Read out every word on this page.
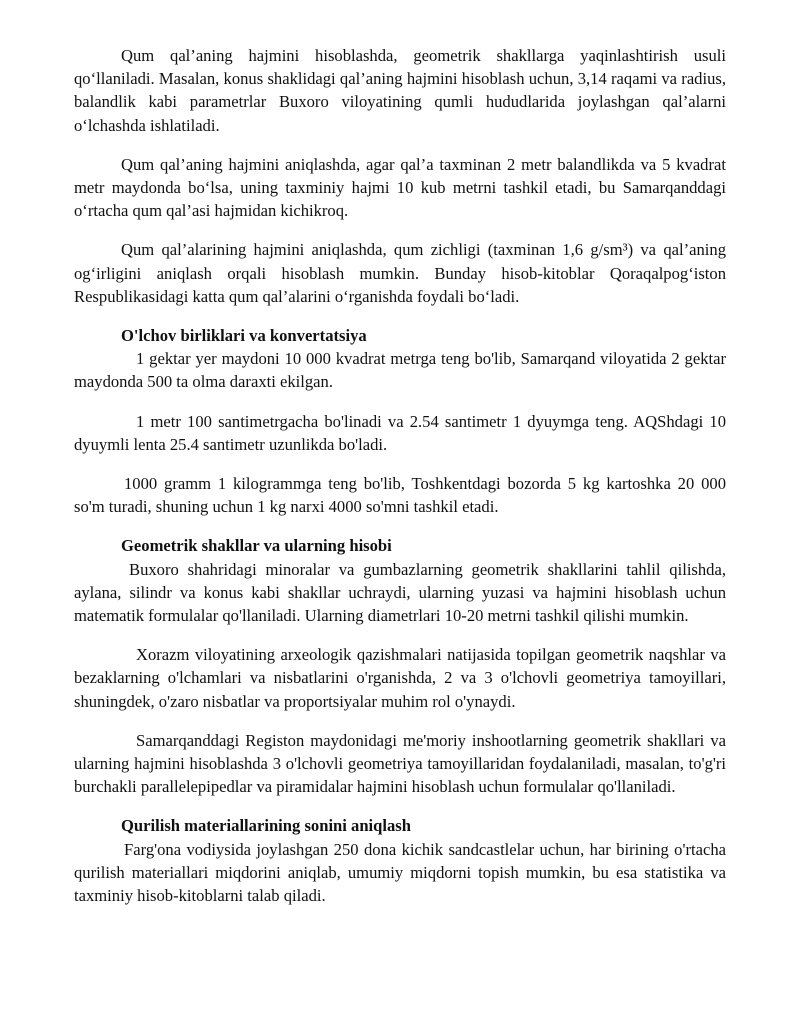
Qum qal’aning hajmini hisoblashda, geometrik shakllarga yaqinlashtirish usuli qo‘llaniladi. Masalan, konus shaklidagi qal’aning hajmini hisoblash uchun, 3,14 raqami va radius, balandlik kabi parametrlar Buxoro viloyatining qumli hududlarida joylashgan qal’alarni o‘lchashda ishlatiladi.

Qum qal’aning hajmini aniqlashda, agar qal’a taxminan 2 metr balandlikda va 5 kvadrat metr maydonda bo‘lsa, uning taxminiy hajmi 10 kub metrni tashkil etadi, bu Samarqanddagi o‘rtacha qum qal’asi hajmidan kichikroq.

Qum qal’alarining hajmini aniqlashda, qum zichligi (taxminan 1,6 g/sm³) va qal’aning og‘irligini aniqlash orqali hisoblash mumkin. Bunday hisob-kitoblar Qoraqalpog‘iston Respublikasidagi katta qum qal’alarini o‘rganishda foydali bo‘ladi.

O'lchov birliklari va konvertatsiya

1 gektar yer maydoni 10 000 kvadrat metrga teng bo'lib, Samarqand viloyatida 2 gektar maydonda 500 ta olma daraxti ekilgan.

1 metr 100 santimetrgacha bo'linadi va 2.54 santimetr 1 dyuymga teng. AQShdagi 10 dyuymli lenta 25.4 santimetr uzunlikda bo'ladi.

1000 gramm 1 kilogrammga teng bo'lib, Toshkentdagi bozorda 5 kg kartoshka 20 000 so'm turadi, shuning uchun 1 kg narxi 4000 so'mni tashkil etadi.

Geometrik shakllar va ularning hisobi

Buxoro shahridagi minoralar va gumbazlarning geometrik shakllarini tahlil qilishda, aylana, silindr va konus kabi shakllar uchraydi, ularning yuzasi va hajmini hisoblash uchun matematik formulalar qo'llaniladi. Ularning diametrlari 10-20 metrni tashkil qilishi mumkin.

Xorazm viloyatining arxeologik qazishmalari natijasida topilgan geometrik naqshlar va bezaklarning o'lchamlari va nisbatlarini o'rganishda, 2 va 3 o'lchovli geometriya tamoyillari, shuningdek, o'zaro nisbatlar va proportsiyalar muhim rol o'ynaydi.

Samarqanddagi Registon maydonidagi me'moriy inshootlarning geometrik shakllari va ularning hajmini hisoblashda 3 o'lchovli geometriya tamoyillaridan foydalaniladi, masalan, to'g'ri burchakli parallelepipedlar va piramidalar hajmini hisoblash uchun formulalar qo'llaniladi.

Qurilish materiallarining sonini aniqlash

Farg'ona vodiysida joylashgan 250 dona kichik sandcastlelar uchun, har birining o'rtacha qurilish materiallari miqdorini aniqlab, umumiy miqdorni topish mumkin, bu esa statistika va taxminiy hisob-kitoblarni talab qiladi.
